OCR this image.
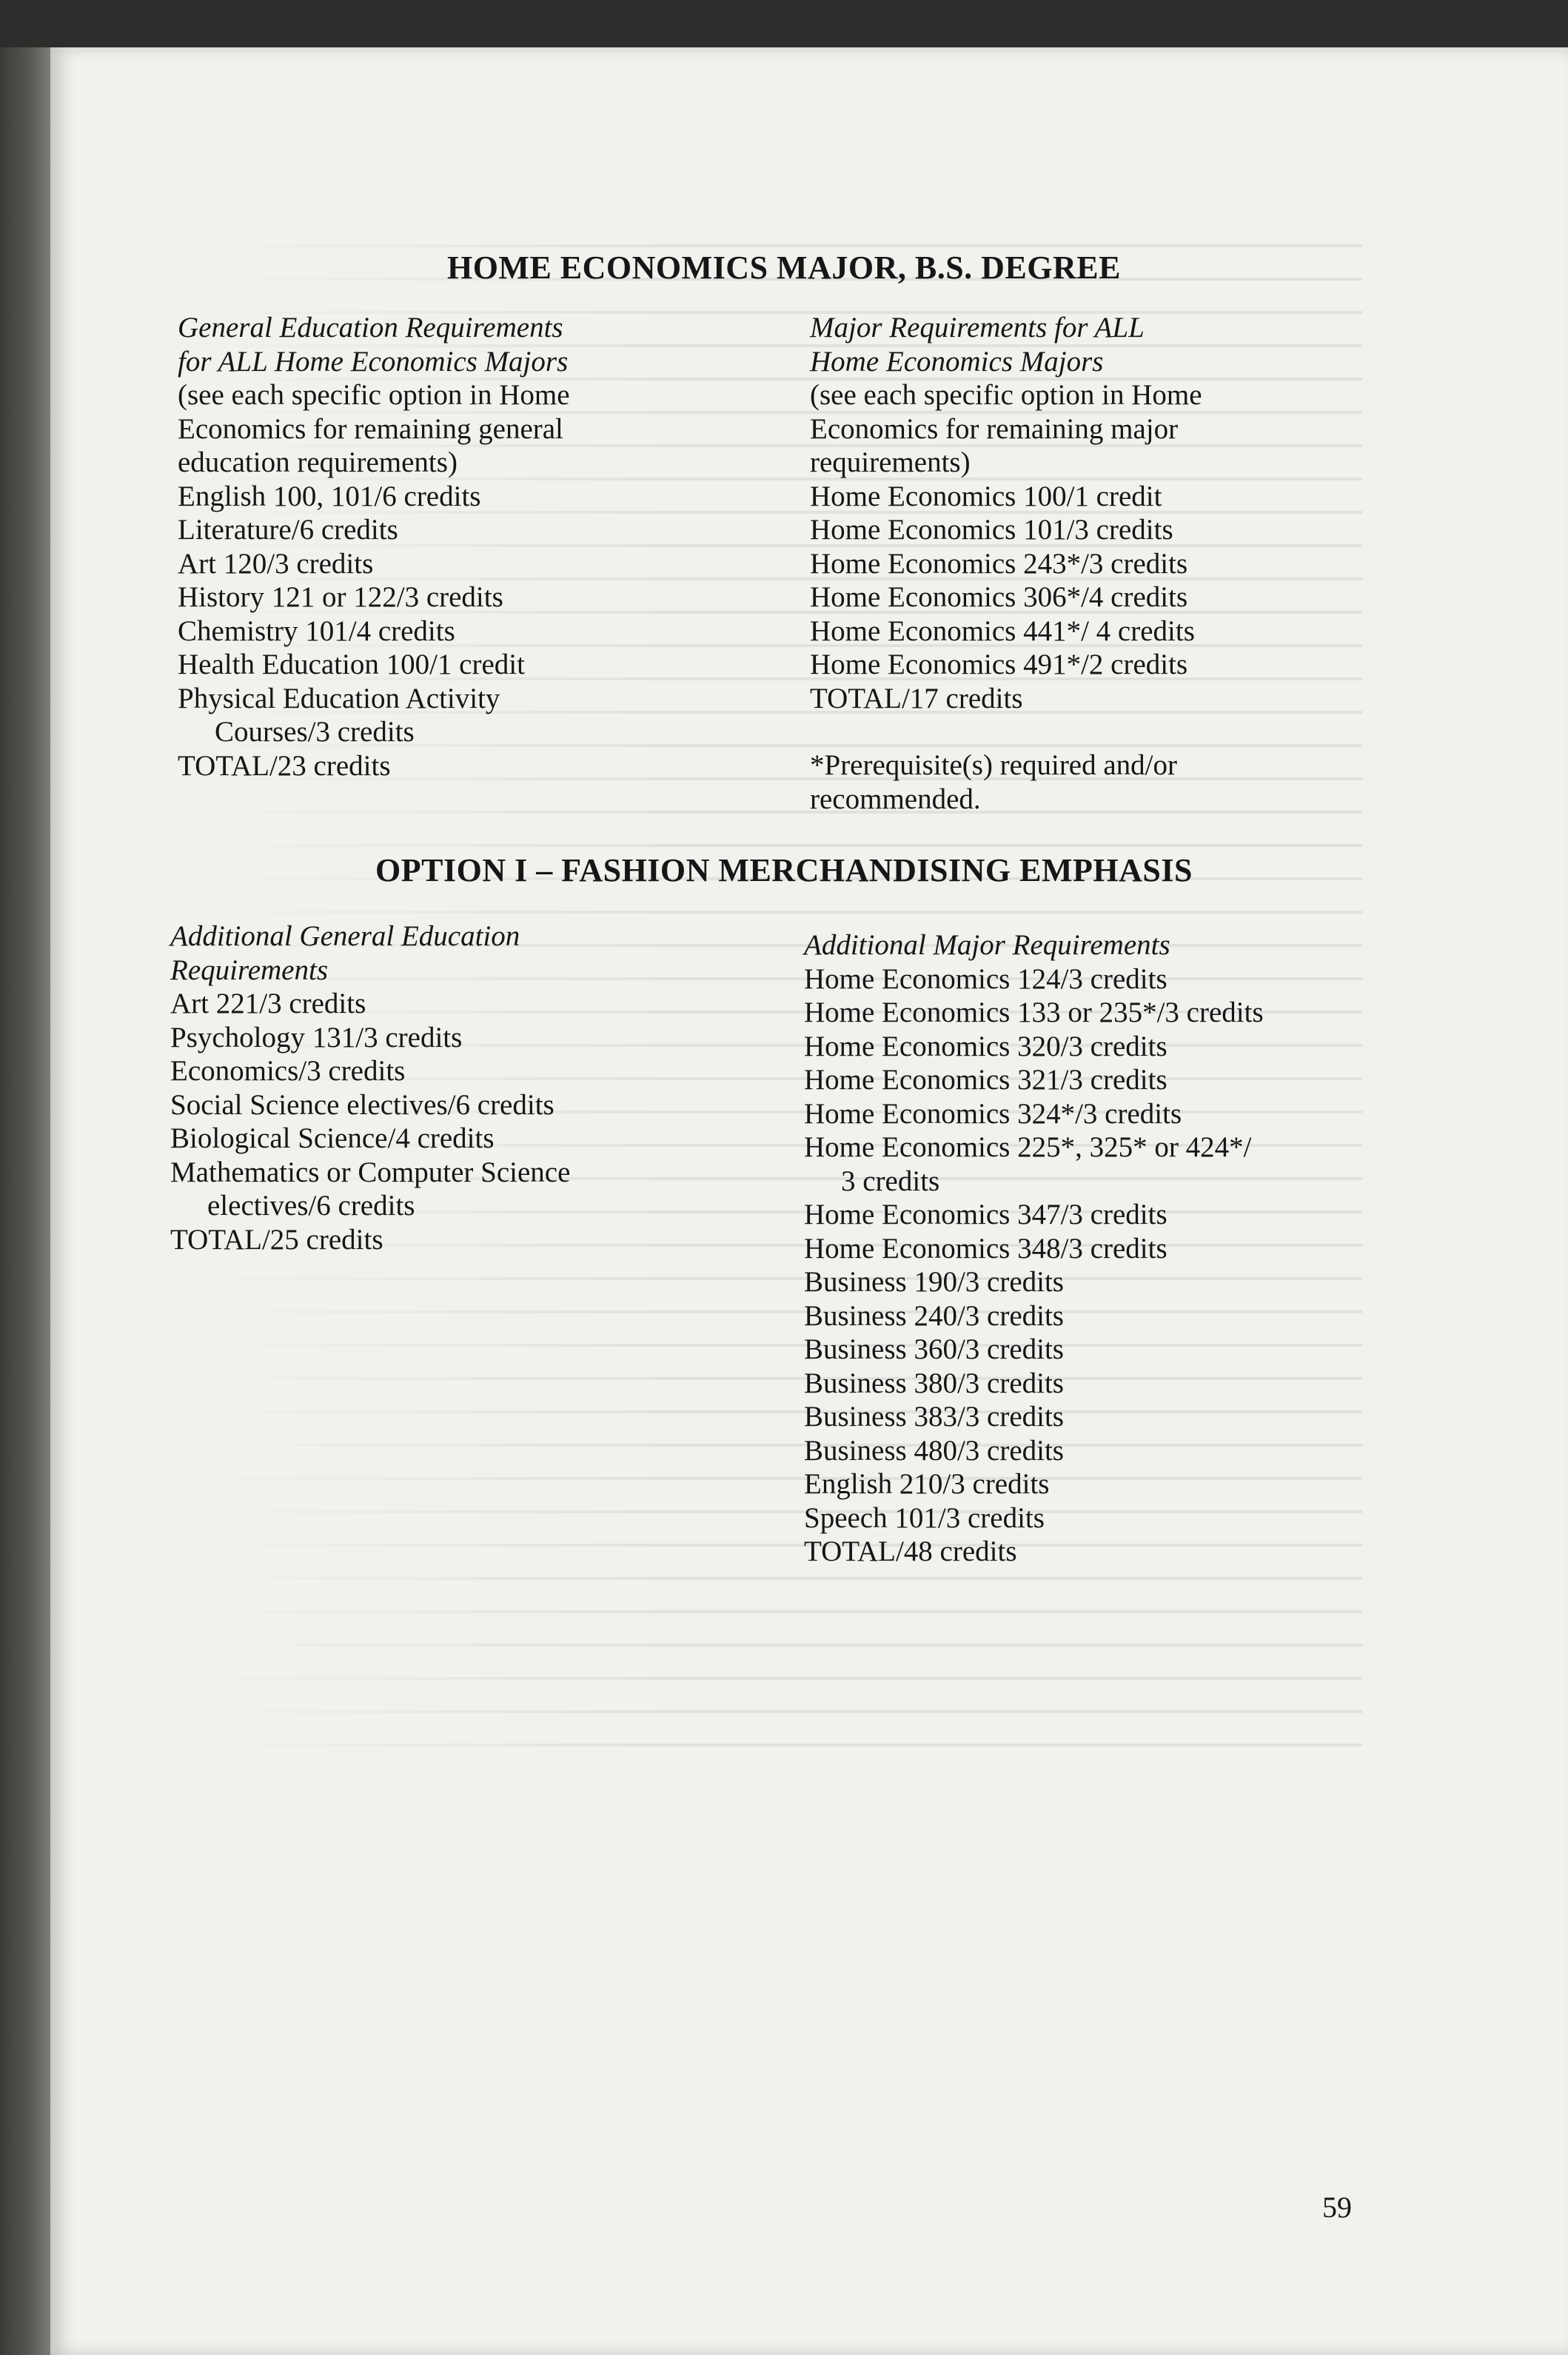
HOME ECONOMICS MAJOR, B.S. DEGREE
General Education Requirements
for ALL Home Economics Majors
(see each specific option in Home
Economics for remaining general
education requirements)
English 100, 101/6 credits
Literature/6 credits
Art 120/3 credits
History 121 or 122/3 credits
Chemistry 101/4 credits
Health Education 100/1 credit
Physical Education Activity
Courses/3 credits
TOTAL/23 credits
Major Requirements for ALL
Home Economics Majors
(see each specific option in Home
Economics for remaining major
requirements)
Home Economics 100/1 credit
Home Economics 101/3 credits
Home Economics 243*/3 credits
Home Economics 306*/4 credits
Home Economics 441*/ 4 credits
Home Economics 491*/2 credits
TOTAL/17 credits
*Prerequisite(s) required and/or
recommended.
OPTION I – FASHION MERCHANDISING EMPHASIS
Additional General Education
Requirements
Art 221/3 credits
Psychology 131/3 credits
Economics/3 credits
Social Science electives/6 credits
Biological Science/4 credits
Mathematics or Computer Science
electives/6 credits
TOTAL/25 credits
Additional Major Requirements
Home Economics 124/3 credits
Home Economics 133 or 235*/3 credits
Home Economics 320/3 credits
Home Economics 321/3 credits
Home Economics 324*/3 credits
Home Economics 225*, 325* or 424*/
3 credits
Home Economics 347/3 credits
Home Economics 348/3 credits
Business 190/3 credits
Business 240/3 credits
Business 360/3 credits
Business 380/3 credits
Business 383/3 credits
Business 480/3 credits
English 210/3 credits
Speech 101/3 credits
TOTAL/48 credits
59
